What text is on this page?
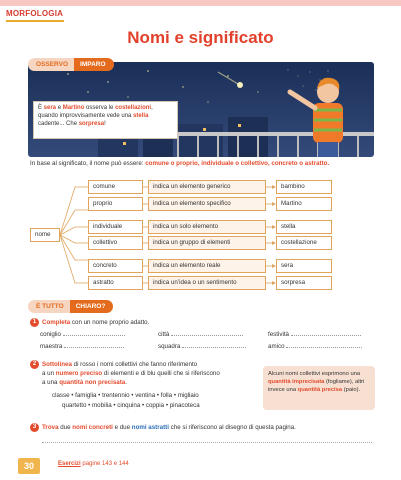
MORFOLOGIA
Nomi e significato
OSSERVO	IMPARO
È sera e Martino osserva le costellazioni, quando improvvisamente vede una stella cadente... Che sorpresa!
In base al significato, il nome può essere: comune o proprio, individuale o collettivo, concreto o astratto.
nome
comune	indica un elemento generico	bambino
proprio	indica un elemento specifico	Martino
individuale	indica un solo elemento	stella
collettivo	indica un gruppo di elementi	costellazione
concreto	indica un elemento reale	sera
astratto	indica un’idea o un sentimento	sorpresa
È TUTTO	CHIARO?
1 Completa con un nome proprio adatto.
coniglio	città	festività
maestra	squadra	amico
2 Sottolinea di rosso i nomi collettivi che fanno riferimento
a un numero preciso di elementi e di blu quelli che si riferiscono
a una quantità non precisata.
classe • famiglia • trentennio • ventina • folla • migliaio
quartetto • mobilia • cinquina • coppia • pinacoteca
Alcuni nomi collettivi esprimono una quantità imprecisata (fogliame), altri invece una quantità precisa (paio).
3 Trova due nomi concreti e due nomi astratti che si riferiscono al disegno di questa pagina.
30	Esercizi pagine 143 e 144
